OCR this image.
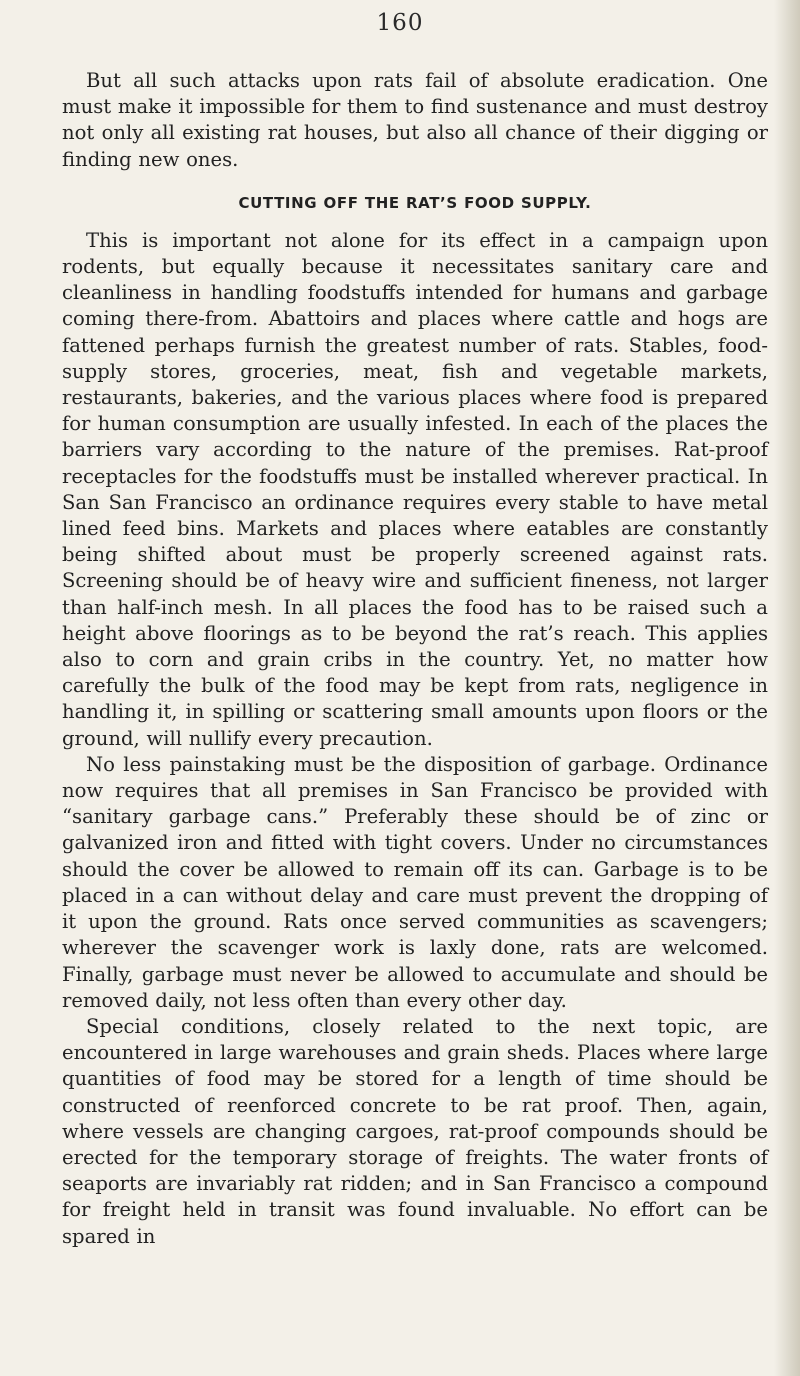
160

But all such attacks upon rats fail of absolute eradication. One must make it impossible for them to find sustenance and must destroy not only all existing rat houses, but also all chance of their digging or finding new ones.

CUTTING OFF THE RAT’S FOOD SUPPLY.

This is important not alone for its effect in a campaign upon rodents, but equally because it necessitates sanitary care and cleanliness in handling foodstuffs intended for humans and garbage coming there-from. Abattoirs and places where cattle and hogs are fattened perhaps furnish the greatest number of rats. Stables, food-supply stores, groceries, meat, fish and vegetable markets, restaurants, bakeries, and the various places where food is prepared for human consumption are usually infested. In each of the places the barriers vary according to the nature of the premises. Rat-proof receptacles for the foodstuffs must be installed wherever practical. In San San Francisco an ordinance requires every stable to have metal lined feed bins. Markets and places where eatables are constantly being shifted about must be properly screened against rats. Screening should be of heavy wire and sufficient fineness, not larger than half-inch mesh. In all places the food has to be raised such a height above floorings as to be beyond the rat’s reach. This applies also to corn and grain cribs in the country. Yet, no matter how carefully the bulk of the food may be kept from rats, negligence in handling it, in spilling or scattering small amounts upon floors or the ground, will nullify every precaution.

No less painstaking must be the disposition of garbage. Ordinance now requires that all premises in San Francisco be provided with “sanitary garbage cans.” Preferably these should be of zinc or galvanized iron and fitted with tight covers. Under no circumstances should the cover be allowed to remain off its can. Garbage is to be placed in a can without delay and care must prevent the dropping of it upon the ground. Rats once served communities as scavengers; wherever the scavenger work is laxly done, rats are welcomed. Finally, garbage must never be allowed to accumulate and should be removed daily, not less often than every other day.

Special conditions, closely related to the next topic, are encountered in large warehouses and grain sheds. Places where large quantities of food may be stored for a length of time should be constructed of reenforced concrete to be rat proof. Then, again, where vessels are changing cargoes, rat-proof compounds should be erected for the temporary storage of freights. The water fronts of seaports are invariably rat ridden; and in San Francisco a compound for freight held in transit was found invaluable. No effort can be spared in
